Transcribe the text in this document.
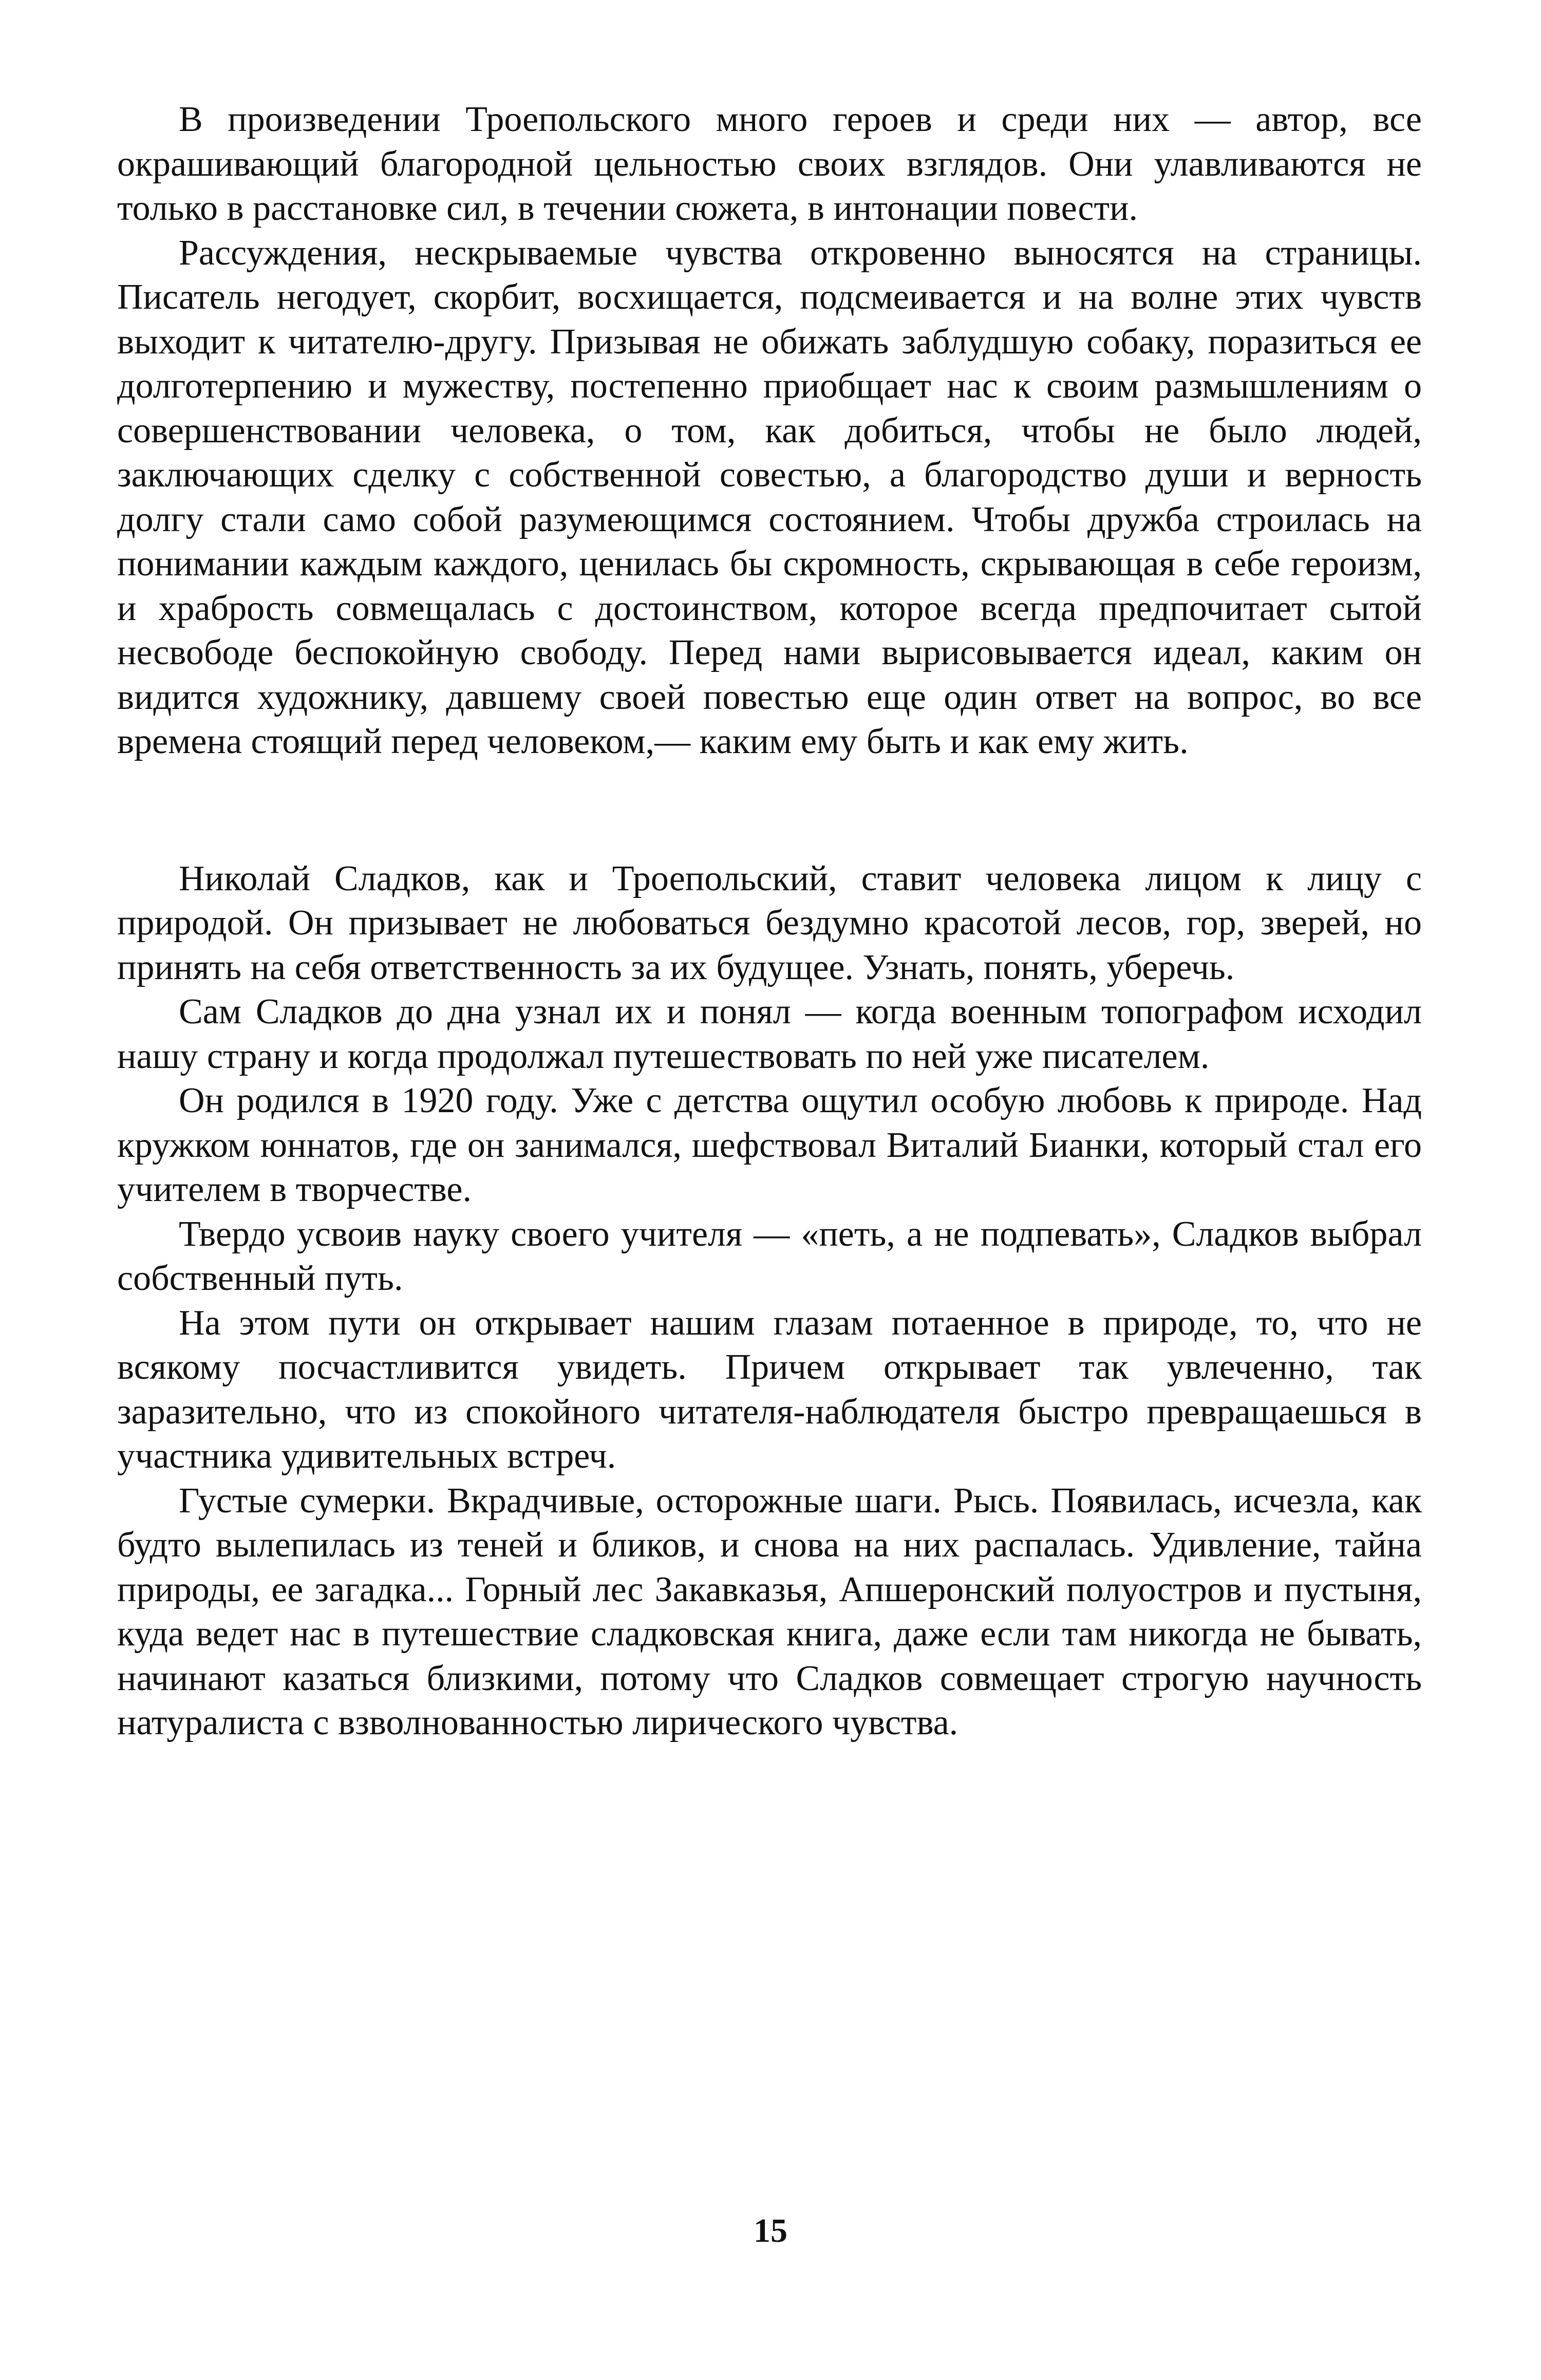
В произведении Троепольского много героев и среди них — автор, все окрашивающий благородной цельностью своих взглядов. Они улавливаются не только в расстановке сил, в течении сюжета, в интонации повести.

Рассуждения, нескрываемые чувства откровенно выносятся на страницы. Писатель негодует, скорбит, восхищается, подсмеивается и на волне этих чувств выходит к читателю-другу. Призывая не обижать заблудшую собаку, поразиться ее долготерпению и мужеству, постепенно приобщает нас к своим размышлениям о совершенствовании человека, о том, как добиться, чтобы не было людей, заключающих сделку с собственной совестью, а благородство души и верность долгу стали само собой разумеющимся состоянием. Чтобы дружба строилась на понимании каждым каждого, ценилась бы скромность, скрывающая в себе героизм, и храбрость совмещалась с достоинством, которое всегда предпочитает сытой несвободе беспокойную свободу. Перед нами вырисовывается идеал, каким он видится художнику, давшему своей повестью еще один ответ на вопрос, во все времена стоящий перед человеком,— каким ему быть и как ему жить.

Николай Сладков, как и Троепольский, ставит человека лицом к лицу с природой. Он призывает не любоваться бездумно красотой лесов, гор, зверей, но принять на себя ответственность за их будущее. Узнать, понять, уберечь.

Сам Сладков до дна узнал их и понял — когда военным топографом исходил нашу страну и когда продолжал путешествовать по ней уже писателем.

Он родился в 1920 году. Уже с детства ощутил особую любовь к природе. Над кружком юннатов, где он занимался, шефствовал Виталий Бианки, который стал его учителем в творчестве.

Твердо усвоив науку своего учителя — «петь, а не подпевать», Сладков выбрал собственный путь.

На этом пути он открывает нашим глазам потаенное в природе, то, что не всякому посчастливится увидеть. Причем открывает так увлеченно, так заразительно, что из спокойного читателя-наблюдателя быстро превращаешься в участника удивительных встреч.

Густые сумерки. Вкрадчивые, осторожные шаги. Рысь. Появилась, исчезла, как будто вылепилась из теней и бликов, и снова на них распалась. Удивление, тайна природы, ее загадка... Горный лес Закавказья, Апшеронский полуостров и пустыня, куда ведет нас в путешествие сладковская книга, даже если там никогда не бывать, начинают казаться близкими, потому что Сладков совмещает строгую научность натуралиста с взволнованностью лирического чувства.

15
